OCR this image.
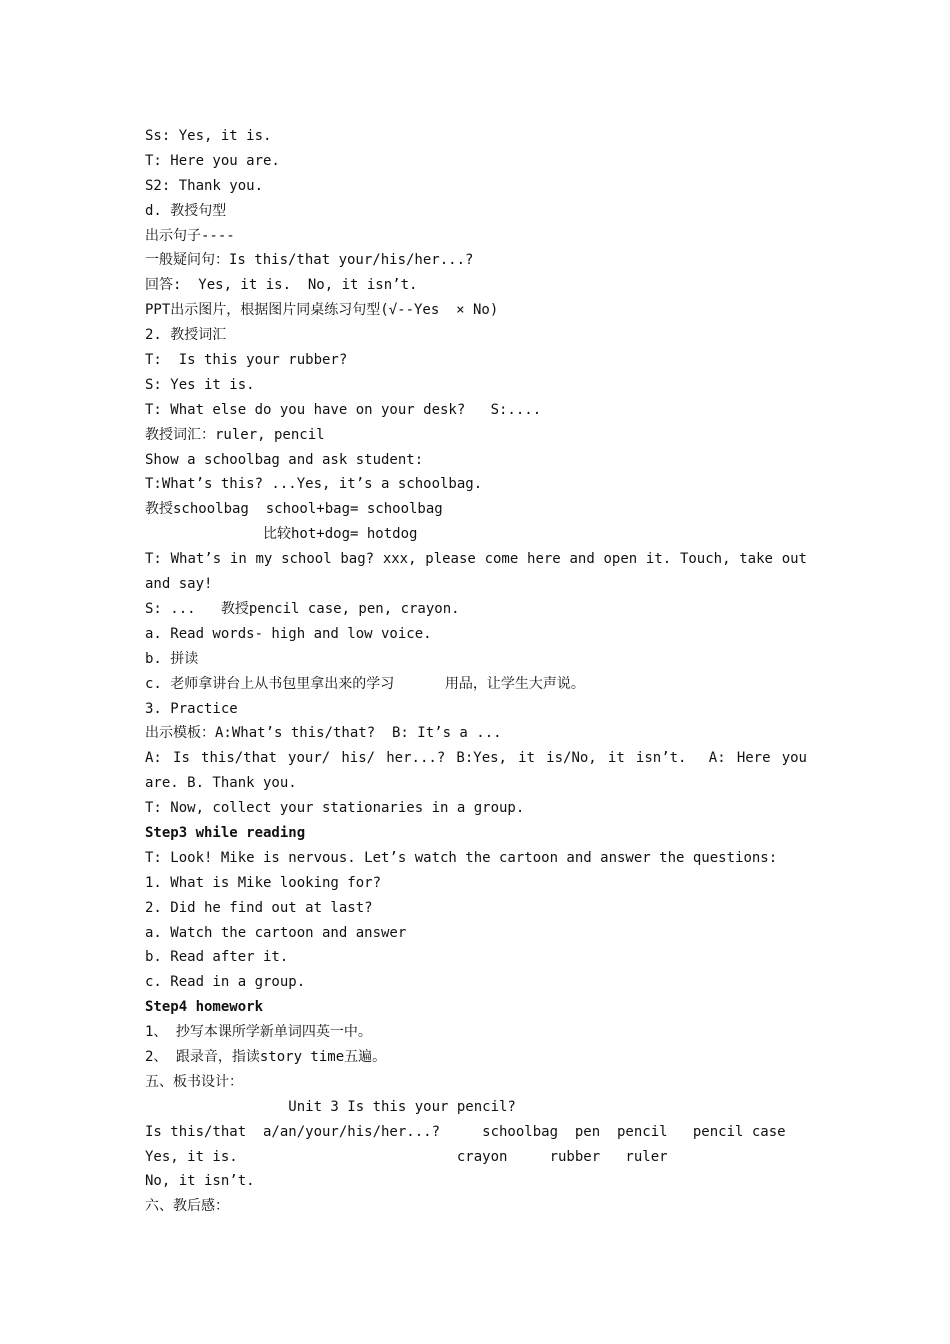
Ss: Yes, it is.
T: Here you are.
S2: Thank you.
d. 教授句型
出示句子----
一般疑问句：Is this/that your/his/her...?
回答:  Yes, it is.  No, it isn’t.
PPT出示图片，根据图片同桌练习句型(√--Yes  × No)
2. 教授词汇
T:  Is this your rubber?
S: Yes it is.
T: What else do you have on your desk?   S:....
教授词汇：ruler, pencil
Show a schoolbag and ask student:
T:What’s this? ...Yes, it’s a schoolbag.
教授schoolbag  school+bag= schoolbag
比较hot+dog= hotdog
T: What’s in my school bag? xxx, please come here and open it. Touch, take out and say!
S: ...   教授pencil case, pen, crayon.
a. Read words- high and low voice.
b. 拼读
c. 老师拿讲台上从书包里拿出来的学习      用品，让学生大声说。
3. Practice
出示模板：A:What’s this/that?  B: It’s a ...
A: Is this/that your/ his/ her...? B:Yes, it is/No, it isn’t.  A: Here you are. B. Thank you.
T: Now, collect your stationaries in a group.
Step3 while reading
T: Look! Mike is nervous. Let’s watch the cartoon and answer the questions:
1. What is Mike looking for?
2. Did he find out at last?
a. Watch the cartoon and answer
b. Read after it.
c. Read in a group.
Step4 homework
1、 抄写本课所学新单词四英一中。
2、 跟录音，指读story time五遍。
五、板书设计：
Unit 3 Is this your pencil?
Is this/that  a/an/your/his/her...?     schoolbag  pen  pencil   pencil case
Yes, it is.                          crayon     rubber   ruler
No, it isn’t.
六、教后感：
